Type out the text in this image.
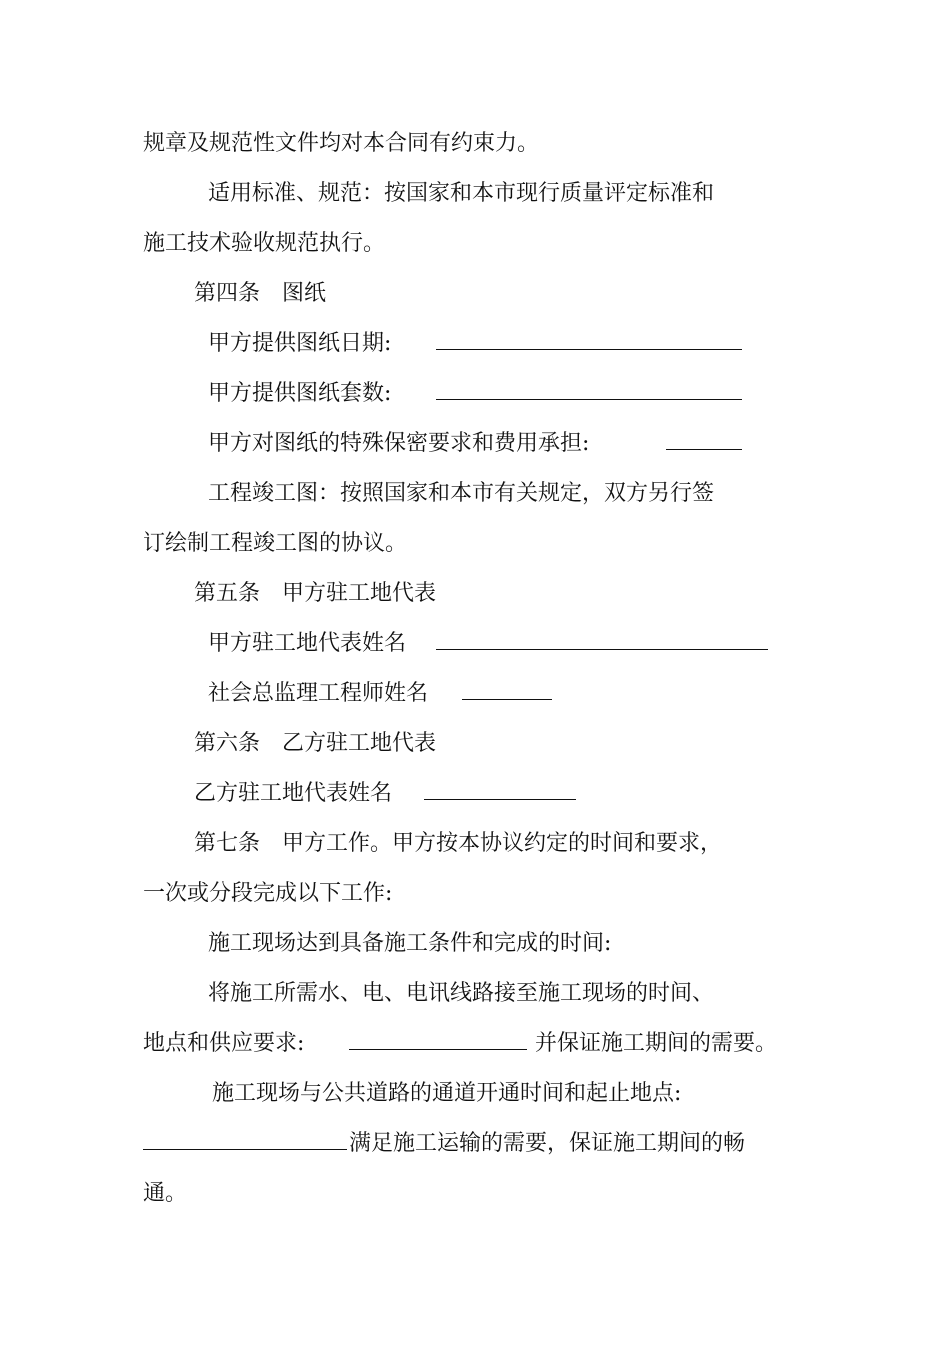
规章及规范性文件均对本合同有约束力。
适用标准、规范：按国家和本市现行质量评定标准和
施工技术验收规范执行。
第四条　图纸
甲方提供图纸日期:
甲方提供图纸套数:
甲方对图纸的特殊保密要求和费用承担:
工程竣工图：按照国家和本市有关规定，双方另行签
订绘制工程竣工图的协议。
第五条　甲方驻工地代表
甲方驻工地代表姓名
社会总监理工程师姓名
第六条　乙方驻工地代表
乙方驻工地代表姓名
第七条　甲方工作。甲方按本协议约定的时间和要求，
一次或分段完成以下工作:
施工现场达到具备施工条件和完成的时间:
将施工所需水、电、电讯线路接至施工现场的时间、
地点和供应要求:	并保证施工期间的需要。
施工现场与公共道路的通道开通时间和起止地点:
满足施工运输的需要，保证施工期间的畅
通。
